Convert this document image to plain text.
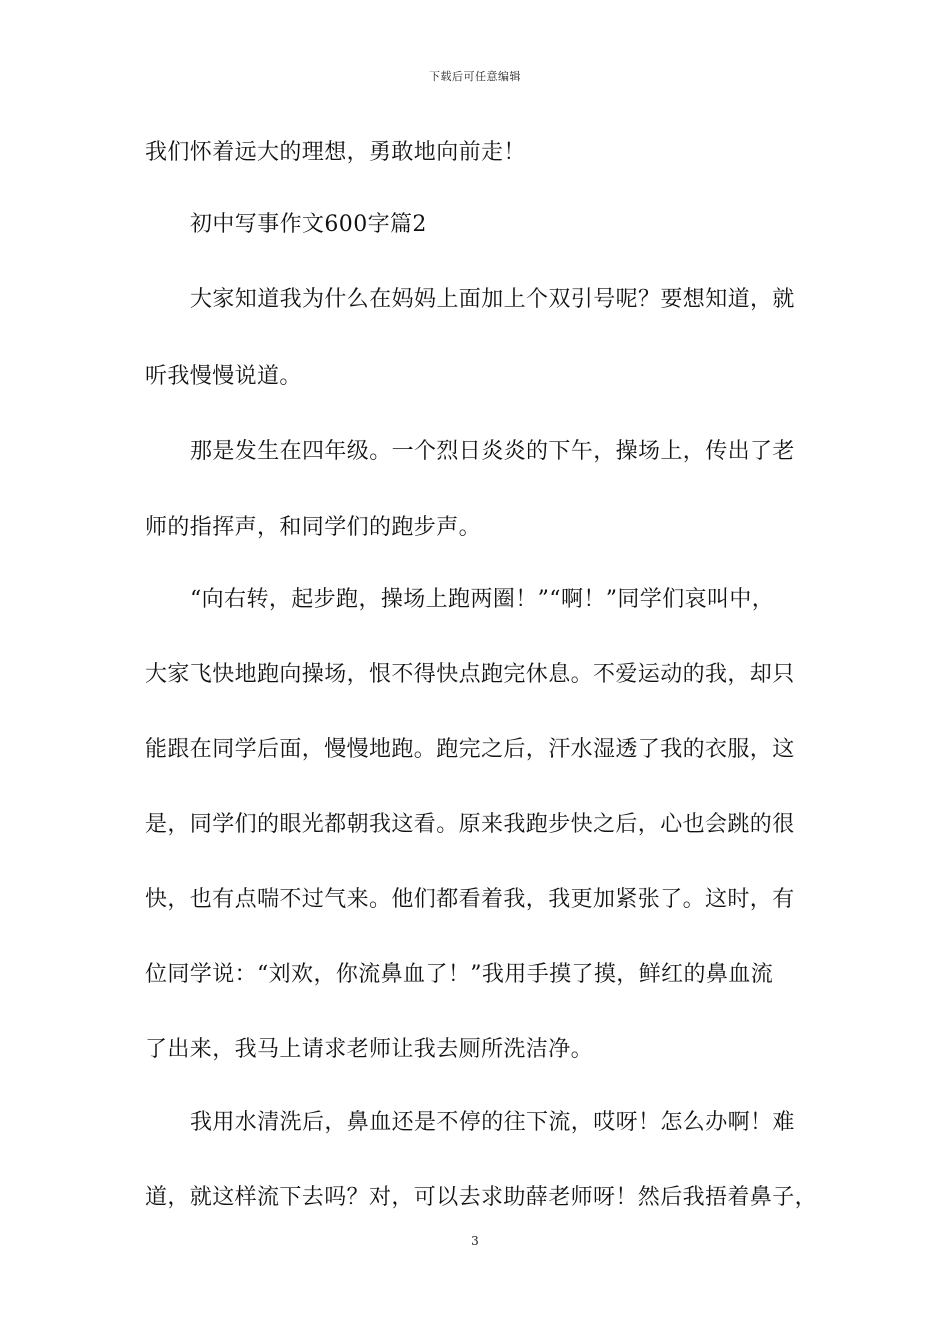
下载后可任意编辑
我们怀着远大的理想，勇敢地向前走！
初中写事作文600字篇2
大家知道我为什么在妈妈上面加上个双引号呢？要想知道，就
听我慢慢说道。
那是发生在四年级。一个烈日炎炎的下午，操场上，传出了老
师的指挥声，和同学们的跑步声。
“向右转，起步跑，操场上跑两圈！”“啊！”同学们哀叫中，
大家飞快地跑向操场，恨不得快点跑完休息。不爱运动的我，却只
能跟在同学后面，慢慢地跑。跑完之后，汗水湿透了我的衣服，这
是，同学们的眼光都朝我这看。原来我跑步快之后，心也会跳的很
快，也有点喘不过气来。他们都看着我，我更加紧张了。这时，有
位同学说：“刘欢，你流鼻血了！”我用手摸了摸，鲜红的鼻血流
了出来，我马上请求老师让我去厕所洗洁净。
我用水清洗后，鼻血还是不停的往下流，哎呀！怎么办啊！难
道，就这样流下去吗？对，可以去求助薛老师呀！然后我捂着鼻子，
3
